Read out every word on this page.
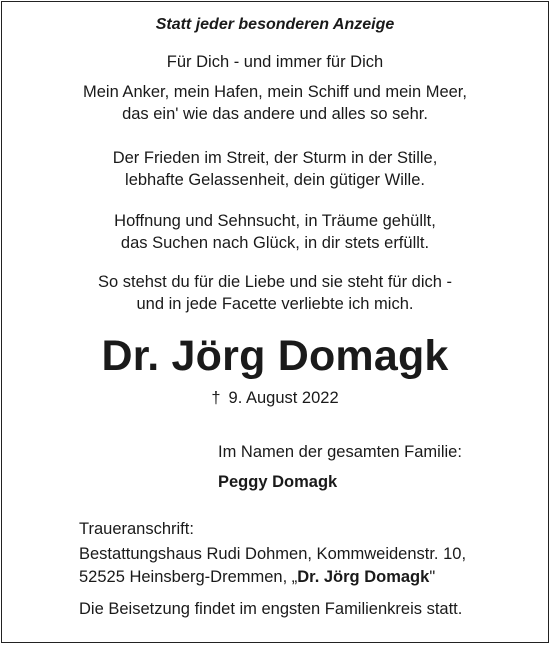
Statt jeder besonderen Anzeige
Für Dich - und immer für Dich
Mein Anker, mein Hafen, mein Schiff und mein Meer,
das ein' wie das andere und alles so sehr.
Der Frieden im Streit, der Sturm in der Stille,
lebhafte Gelassenheit, dein gütiger Wille.
Hoffnung und Sehnsucht, in Träume gehüllt,
das Suchen nach Glück, in dir stets erfüllt.
So stehst du für die Liebe und sie steht für dich -
und in jede Facette verliebte ich mich.
Dr. Jörg Domagk
† 9. August 2022
Im Namen der gesamten Familie:
Peggy Domagk
Traueranschrift:
Bestattungshaus Rudi Dohmen, Kommweidenstr. 10,
52525 Heinsberg-Dremmen, „Dr. Jörg Domagk"
Die Beisetzung findet im engsten Familienkreis statt.
